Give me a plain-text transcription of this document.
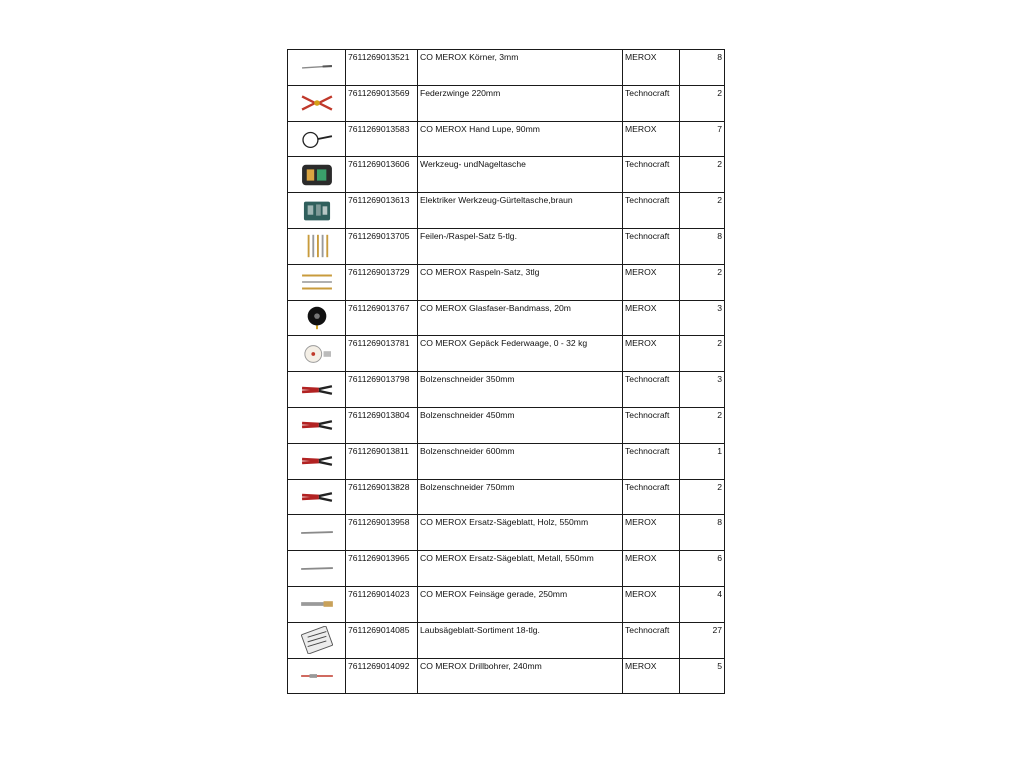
	7611269013521	CO MEROX Körner, 3mm	MEROX	8

	7611269013569	Federzwinge 220mm	Technocraft	2

	7611269013583	CO MEROX Hand Lupe, 90mm	MEROX	7

	7611269013606	Werkzeug- undNageltasche	Technocraft	2

	7611269013613	Elektriker Werkzeug-Gürteltasche,braun	Technocraft	2

	7611269013705	Feilen-/Raspel-Satz 5-tlg.	Technocraft	8

	7611269013729	CO MEROX Raspeln-Satz, 3tlg	MEROX	2

	7611269013767	CO MEROX Glasfaser-Bandmass, 20m	MEROX	3

	7611269013781	CO MEROX Gepäck Federwaage, 0 - 32 kg	MEROX	2

	7611269013798	Bolzenschneider 350mm	Technocraft	3

	7611269013804	Bolzenschneider 450mm	Technocraft	2

	7611269013811	Bolzenschneider 600mm	Technocraft	1

	7611269013828	Bolzenschneider 750mm	Technocraft	2

	7611269013958	CO MEROX Ersatz-Sägeblatt, Holz, 550mm	MEROX	8

	7611269013965	CO MEROX Ersatz-Sägeblatt, Metall, 550mm	MEROX	6

	7611269014023	CO MEROX Feinsäge gerade, 250mm	MEROX	4

	7611269014085	Laubsägeblatt-Sortiment 18-tlg.	Technocraft	27

	7611269014092	CO MEROX Drillbohrer, 240mm	MEROX	5
